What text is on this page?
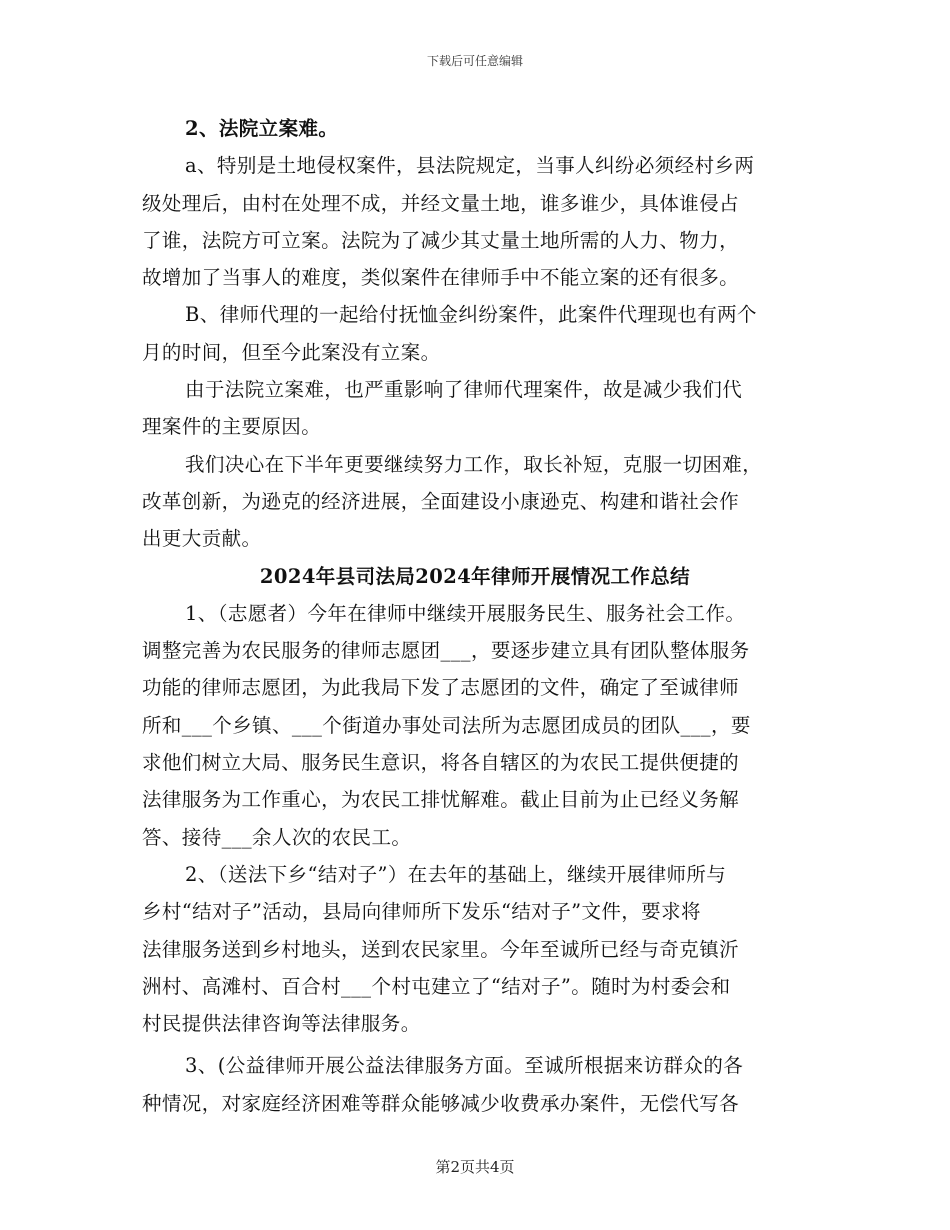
下载后可任意编辑
2、法院立案难。
a、特别是土地侵权案件，县法院规定，当事人纠纷必须经村乡两
级处理后，由村在处理不成，并经文量土地，谁多谁少，具体谁侵占
了谁，法院方可立案。法院为了减少其丈量土地所需的人力、物力，
故增加了当事人的难度，类似案件在律师手中不能立案的还有很多。
B、律师代理的一起给付抚恤金纠纷案件，此案件代理现也有两个
月的时间，但至今此案没有立案。
由于法院立案难，也严重影响了律师代理案件，故是减少我们代
理案件的主要原因。
我们决心在下半年更要继续努力工作，取长补短，克服一切困难，
改革创新，为逊克的经济进展，全面建设小康逊克、构建和谐社会作
出更大贡献。
2024年县司法局2024年律师开展情况工作总结
1、（志愿者）今年在律师中继续开展服务民生、服务社会工作。
调整完善为农民服务的律师志愿团___，要逐步建立具有团队整体服务
功能的律师志愿团，为此我局下发了志愿团的文件，确定了至诚律师
所和___个乡镇、___个街道办事处司法所为志愿团成员的团队___，要
求他们树立大局、服务民生意识，将各自辖区的为农民工提供便捷的
法律服务为工作重心，为农民工排忧解难。截止目前为止已经义务解
答、接待___余人次的农民工。
2、（送法下乡“结对子”）在去年的基础上，继续开展律师所与
乡村“结对子”活动，县局向律师所下发乐“结对子”文件，要求将
法律服务送到乡村地头，送到农民家里。今年至诚所已经与奇克镇沂
洲村、高滩村、百合村___个村屯建立了“结对子”。随时为村委会和
村民提供法律咨询等法律服务。
3、(公益律师开展公益法律服务方面。至诚所根据来访群众的各
种情况，对家庭经济困难等群众能够减少收费承办案件，无偿代写各
第2页共4页
